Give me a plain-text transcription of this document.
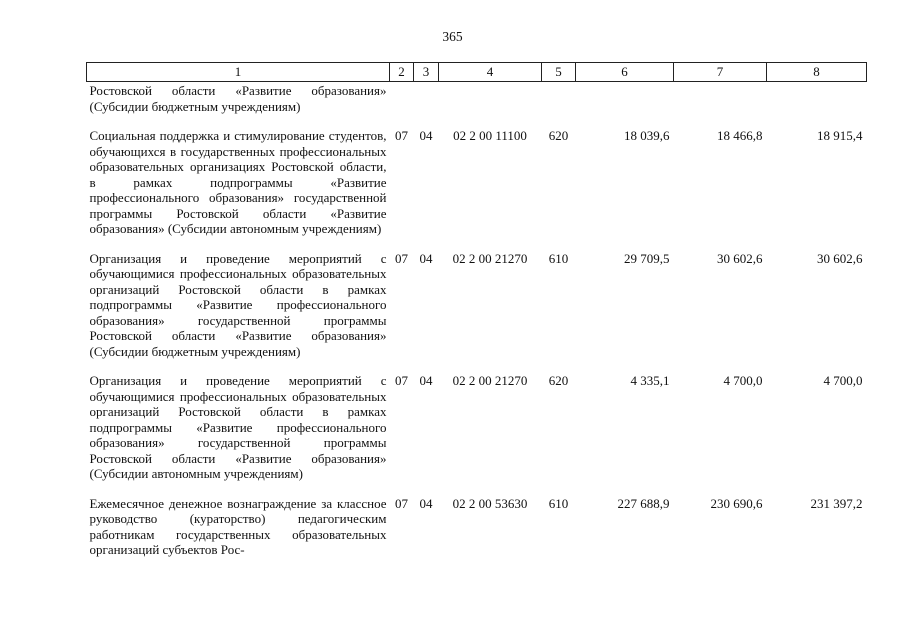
365
1	2	3	4	5	6	7	8

Ростовской области «Развитие образования» (Субсидии бюджетным учреждениям)							

Социальная поддержка и стимулирование студентов, обучающихся в государственных профессиональных образовательных организациях Ростовской области, в рамках подпрограммы «Развитие профессионального образования» государственной программы Ростовской области «Развитие образования» (Субсидии автономным учреждениям)	07	04	02 2 00 11100	620	18 039,6	18 466,8	18 915,4

Организация и проведение мероприятий с обучающимися профессиональных образовательных организаций Ростовской области в рамках подпрограммы «Развитие профессионального образования» государственной программы Ростовской области «Развитие образования» (Субсидии бюджетным учреждениям)	07	04	02 2 00 21270	610	29 709,5	30 602,6	30 602,6

Организация и проведение мероприятий с обучающимися профессиональных образовательных организаций Ростовской области в рамках подпрограммы «Развитие профессионального образования» государственной программы Ростовской области «Развитие образования» (Субсидии автономным учреждениям)	07	04	02 2 00 21270	620	4 335,1	4 700,0	4 700,0

Ежемесячное денежное вознаграждение за классное руководство (кураторство) педагогическим работникам государственных образовательных организаций субъектов Рос-	07	04	02 2 00 53630	610	227 688,9	230 690,6	231 397,2
